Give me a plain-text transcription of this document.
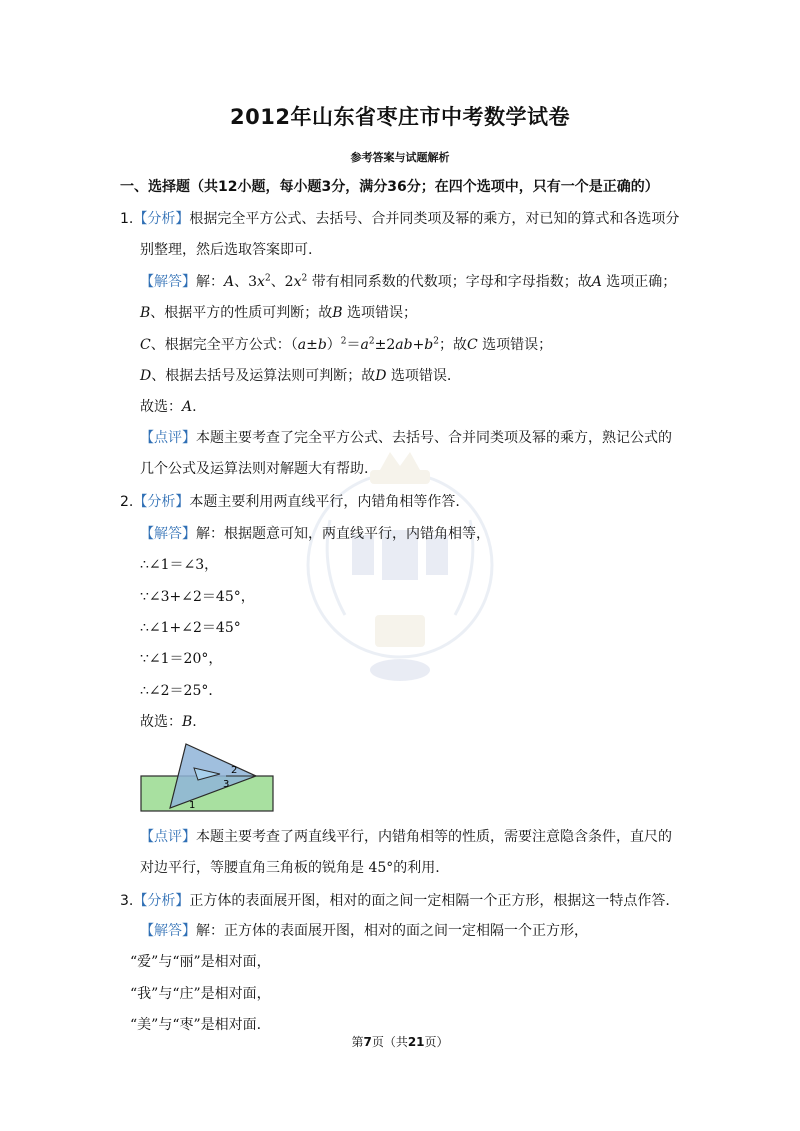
2012年山东省枣庄市中考数学试卷
参考答案与试题解析
一、选择题（共12小题，每小题3分，满分36分；在四个选项中，只有一个是正确的）
1.【分析】根据完全平方公式、去括号、合并同类项及幂的乘方，对已知的算式和各选项分
别整理，然后选取答案即可.
【解答】解：A、$3x^2$、$2x^2$ 带有相同系数的代数项；字母和字母指数；故A 选项正确；
B、根据平方的性质可判断；故B 选项错误；
C、根据完全平方公式：$(a\pm b)^2=a^2\pm 2ab+b^2$；故C 选项错误；
D、根据去括号及运算法则可判断；故D 选项错误.
故选：A.
【点评】本题主要考查了完全平方公式、去括号、合并同类项及幂的乘方，熟记公式的
几个公式及运算法则对解题大有帮助.
2.【分析】本题主要利用两直线平行，内错角相等作答.
【解答】解：根据题意可知，两直线平行，内错角相等，
∴∠1＝∠3，
∵∠3+∠2＝45°，
∴∠1+∠2＝45°
∵∠1＝20°，
∴∠2＝25°．
故选：B.
2
3
1
【点评】本题主要考查了两直线平行，内错角相等的性质，需要注意隐含条件，直尺的
对边平行，等腰直角三角板的锐角是 45°的利用.
3.【分析】正方体的表面展开图，相对的面之间一定相隔一个正方形，根据这一特点作答.
【解答】解：正方体的表面展开图，相对的面之间一定相隔一个正方形，
“爱”与“丽”是相对面，
“我”与“庄”是相对面，
“美”与“枣”是相对面.
第7页（共21页）
